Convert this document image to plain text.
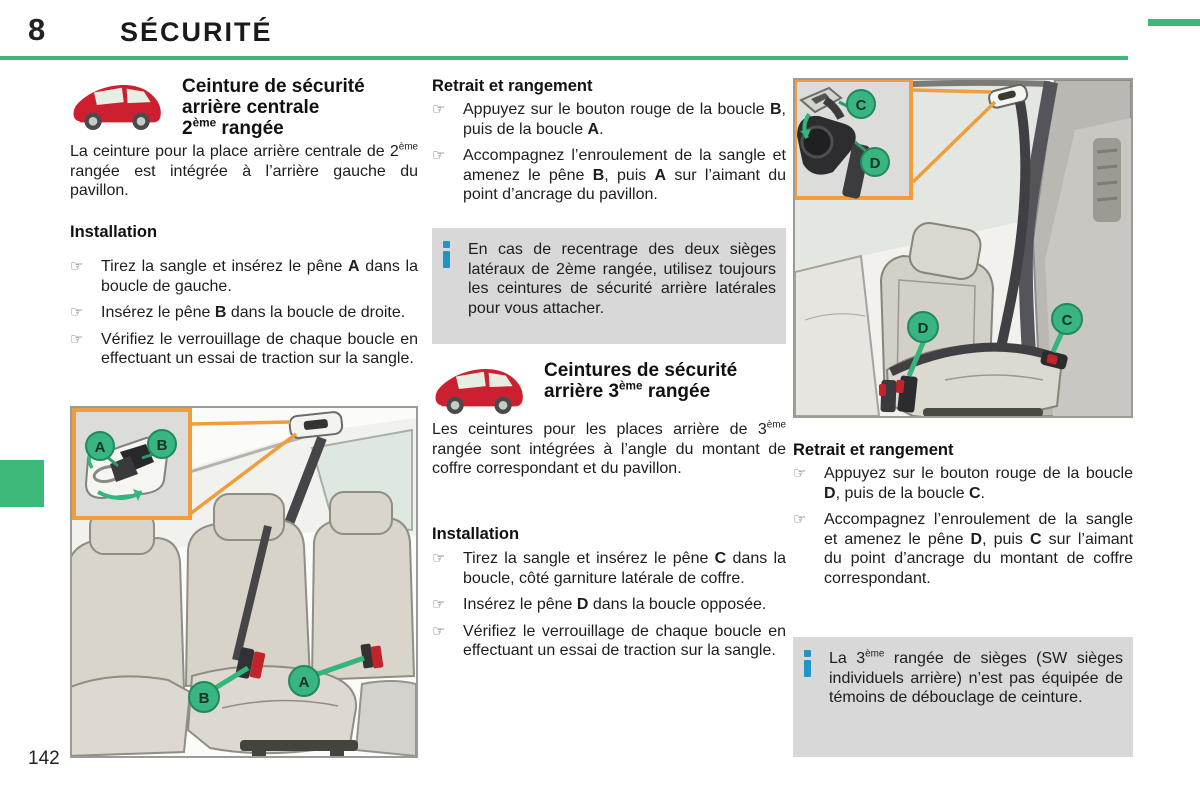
8	SÉCURITÉ
142
Ceinture de sécurité
arrière centrale
2ème rangée

La ceinture pour la place arrière centrale de 2ème rangée est intégrée à l’arrière gauche du pavillon.

Installation
☞ Tirez la sangle et insérez le pêne A dans la boucle de gauche.
☞ Insérez le pêne B dans la boucle de droite.
☞ Vérifiez le verrouillage de chaque boucle en effectuant un essai de traction sur la sangle.
B
A
A	B
Retrait et rangement
☞ Appuyez sur le bouton rouge de la boucle B, puis de la boucle A.
☞ Accompagnez l’enroulement de la sangle et amenez le pêne B, puis A sur l’aimant du point d’ancrage du pavillon.
En cas de recentrage des deux sièges latéraux de 2ème rangée, utilisez toujours les ceintures de sécurité arrière latérales pour vous attacher.
Ceintures de sécurité
arrière 3ème rangée

Les ceintures pour les places arrière de 3ème rangée sont intégrées à l’angle du montant de coffre correspondant et du pavillon.

Installation
☞ Tirez la sangle et insérez le pêne C dans la boucle, côté garniture latérale de coffre.
☞ Insérez le pêne D dans la boucle opposée.
☞ Vérifiez le verrouillage de chaque boucle en effectuant un essai de traction sur la sangle.
D	C
C
D
Retrait et rangement
☞ Appuyez sur le bouton rouge de la boucle D, puis de la boucle C.
☞ Accompagnez l’enroulement de la sangle et amenez le pêne D, puis C sur l’aimant du point d’ancrage du montant de coffre correspondant.
La 3ème rangée de sièges (SW sièges individuels arrière) n’est pas équipée de témoins de débouclage de ceinture.
